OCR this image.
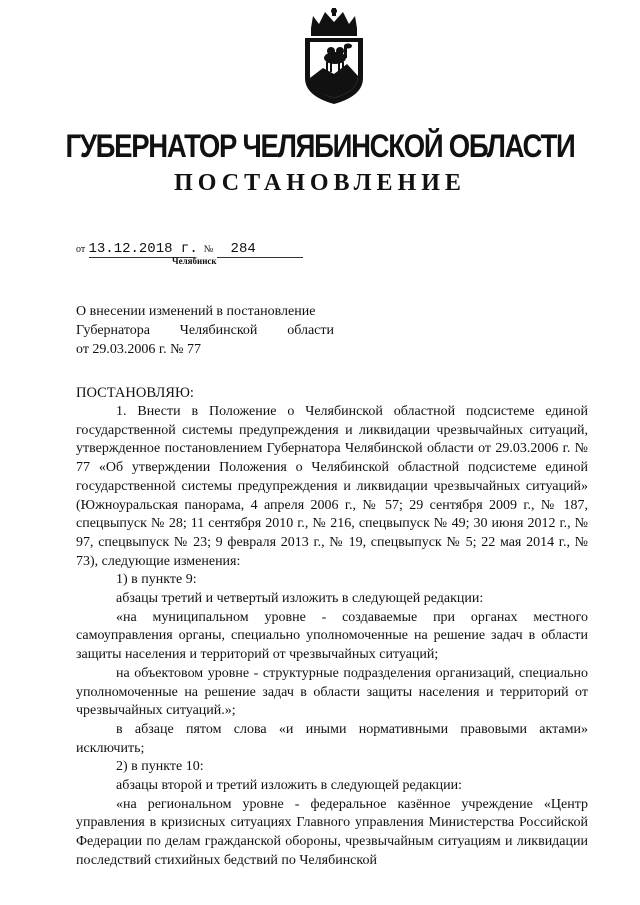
ГУБЕРНАТОР ЧЕЛЯБИНСКОЙ ОБЛАСТИ
ПОСТАНОВЛЕНИЕ
от 13.12.2018 г. № 284
Челябинск
О внесении изменений в постановление
Губернатора Челябинской области
от 29.03.2006 г. № 77
ПОСТАНОВЛЯЮ:

1. Внести в Положение о Челябинской областной подсистеме единой государственной системы предупреждения и ликвидации чрезвычайных ситуаций, утвержденное постановлением Губернатора Челябинской области от 29.03.2006 г. № 77 «Об утверждении Положения о Челябинской областной подсистеме единой государственной системы предупреждения и ликвидации чрезвычайных ситуаций» (Южноуральская панорама, 4 апреля 2006 г., № 57; 29 сентября 2009 г., № 187, спецвыпуск № 28; 11 сентября 2010 г., № 216, спецвыпуск № 49; 30 июня 2012 г., № 97, спецвыпуск № 23; 9 февраля 2013 г., № 19, спецвыпуск № 5; 22 мая 2014 г., № 73), следующие изменения:

1) в пункте 9:

абзацы третий и четвертый изложить в следующей редакции:

«на муниципальном уровне - создаваемые при органах местного самоуправления органы, специально уполномоченные на решение задач в области защиты населения и территорий от чрезвычайных ситуаций;

на объектовом уровне - структурные подразделения организаций, специально уполномоченные на решение задач в области защиты населения и территорий от чрезвычайных ситуаций.»;

в абзаце пятом слова «и иными нормативными правовыми актами» исключить;

2) в пункте 10:

абзацы второй и третий изложить в следующей редакции:

«на региональном уровне - федеральное казённое учреждение «Центр управления в кризисных ситуациях Главного управления Министерства Российской Федерации по делам гражданской обороны, чрезвычайным ситуациям и ликвидации последствий стихийных бедствий по Челябинской
